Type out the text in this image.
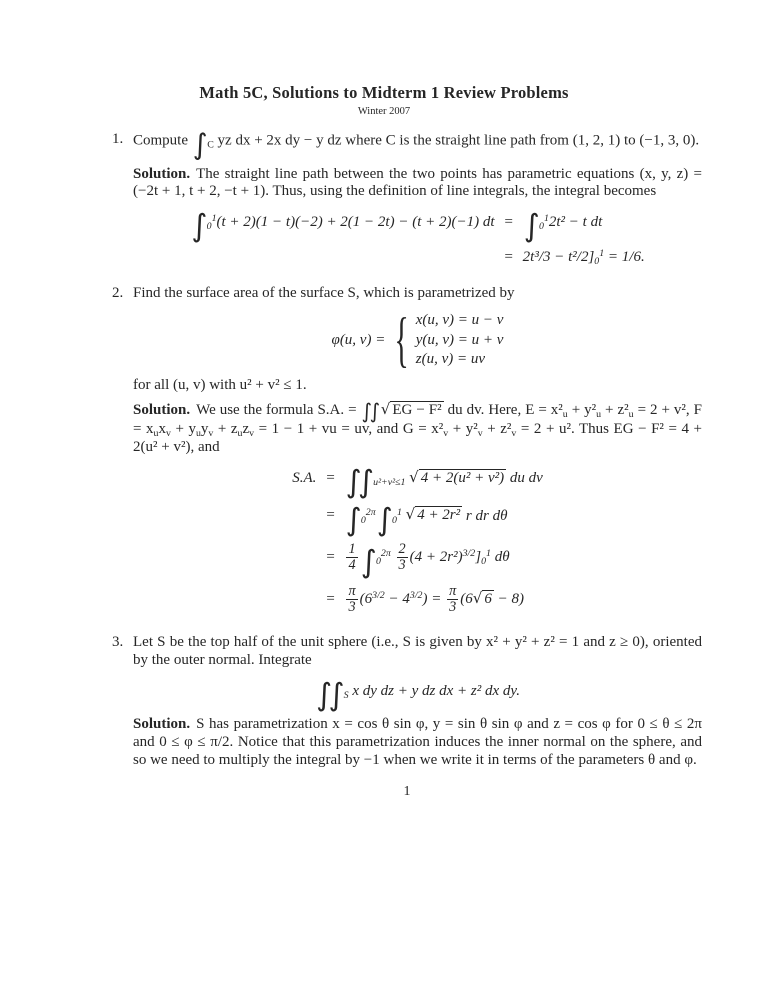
Math 5C, Solutions to Midterm 1 Review Problems
Winter 2007
1. Compute ∫ $_C$ yz dx + 2x dy − y dz where C is the straight line path from (1, 2, 1) to (−1, 3, 0).

Solution. The straight line path between the two points has parametric equations (x, y, z) = (−2t + 1, t + 2, −t + 1). Thus, using the definition of line integrals, the integral becomes

∫ $_0^1$(t + 2)(1 − t)(−2) + 2(1 − 2t) − (t + 2)(−1) dt = ∫ $_0^1$2t² − t dt
= $2t^3/3 - t^2/2]_0^1 = 1/6$.
2. Find the surface area of the surface S, which is parametrized by

φ(u, v) = { x(u, v) = u − v
y(u, v) = u + v
z(u, v) = uv

for all (u, v) with u² + v² ≤ 1.

Solution. We use the formula S.A. = ∫∫ √ EG − F² du dv. Here, $E = x^2_u + y^2_u + z^2_u = 2 + v^2$, $F = x_ux_v + y_uy_v + z_uz_v = 1 - 1$ + vu = uv, and $G = x^2_v + y^2_v + z^2_v = 2 + u^2$. Thus EG − F² = 4 + 2(u² + v²), and

S.A. = ∫∫ $_{u^2+v^2\le 1}$ √ 4 + 2(u² + v²) du dv
= ∫ $_0^{2\pi}$∫ $_0^1$ √ 4 + 2r² r dr dθ
= $\frac{1}{4}$ ∫ $_0^{2\pi} \frac{2}{3} (4 + 2r^2)^{3/2}]_0^1$ dθ
= $\frac{\pi}{3} (6^{3/2} - 4^{3/2}) = \frac{\pi}{3} (6√$ 6 − 8)
3. Let S be the top half of the unit sphere (i.e., S is given by x² + y² + z² = 1 and z ≥ 0), oriented by the outer normal. Integrate

∫∫ $_S$ x dy dz + y dz dx + z² dx dy.

Solution. S has parametrization x = cos θ sin φ, y = sin θ sin φ and z = cos φ for 0 ≤ θ ≤ 2π and 0 ≤ φ ≤ π/2. Notice that this parametrization induces the inner normal on the sphere, and so we need to multiply the integral by −1 when we write it in terms of the parameters θ and φ.

1
